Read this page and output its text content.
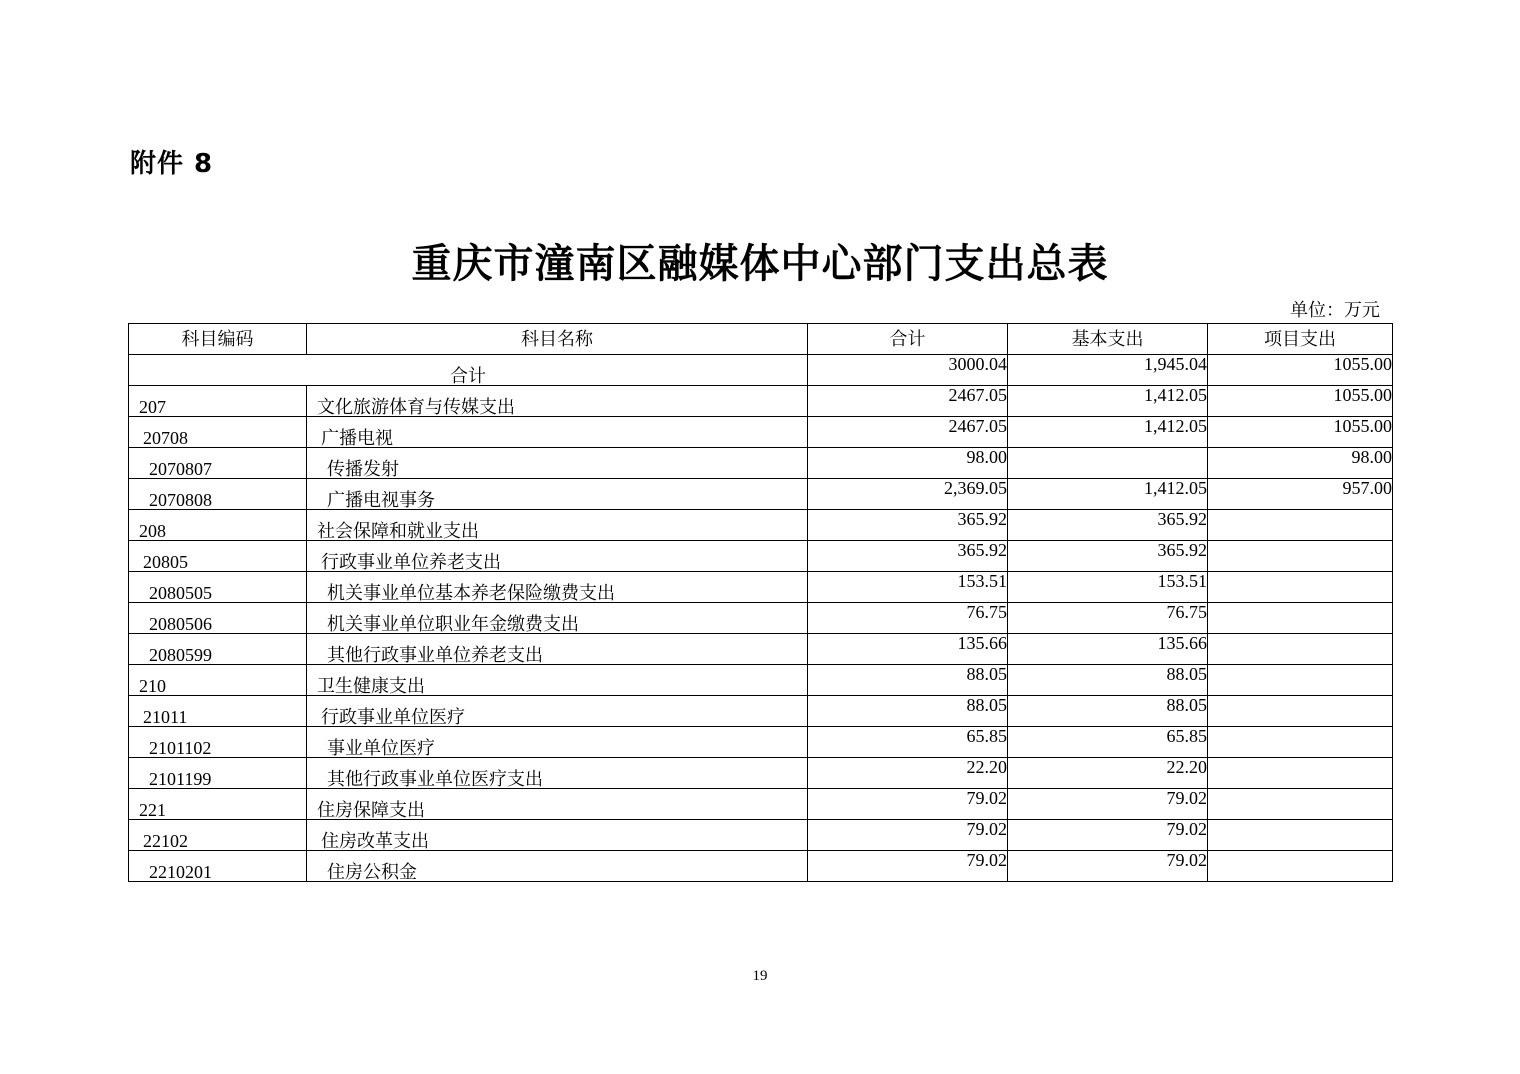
附件 8
重庆市潼南区融媒体中心部门支出总表
单位：万元
科目编码	科目名称	合计	基本支出	项目支出
合计		3000.04	1,945.04	1055.00
207	文化旅游体育与传媒支出	2467.05	1,412.05	1055.00
20708	广播电视	2467.05	1,412.05	1055.00
2070807	传播发射	98.00		98.00
2070808	广播电视事务	2,369.05	1,412.05	957.00
208	社会保障和就业支出	365.92	365.92	
20805	行政事业单位养老支出	365.92	365.92	
2080505	机关事业单位基本养老保险缴费支出	153.51	153.51	
2080506	机关事业单位职业年金缴费支出	76.75	76.75	
2080599	其他行政事业单位养老支出	135.66	135.66	
210	卫生健康支出	88.05	88.05	
21011	行政事业单位医疗	88.05	88.05	
2101102	事业单位医疗	65.85	65.85	
2101199	其他行政事业单位医疗支出	22.20	22.20	
221	住房保障支出	79.02	79.02	
22102	住房改革支出	79.02	79.02	
2210201	住房公积金	79.02	79.02	
19
